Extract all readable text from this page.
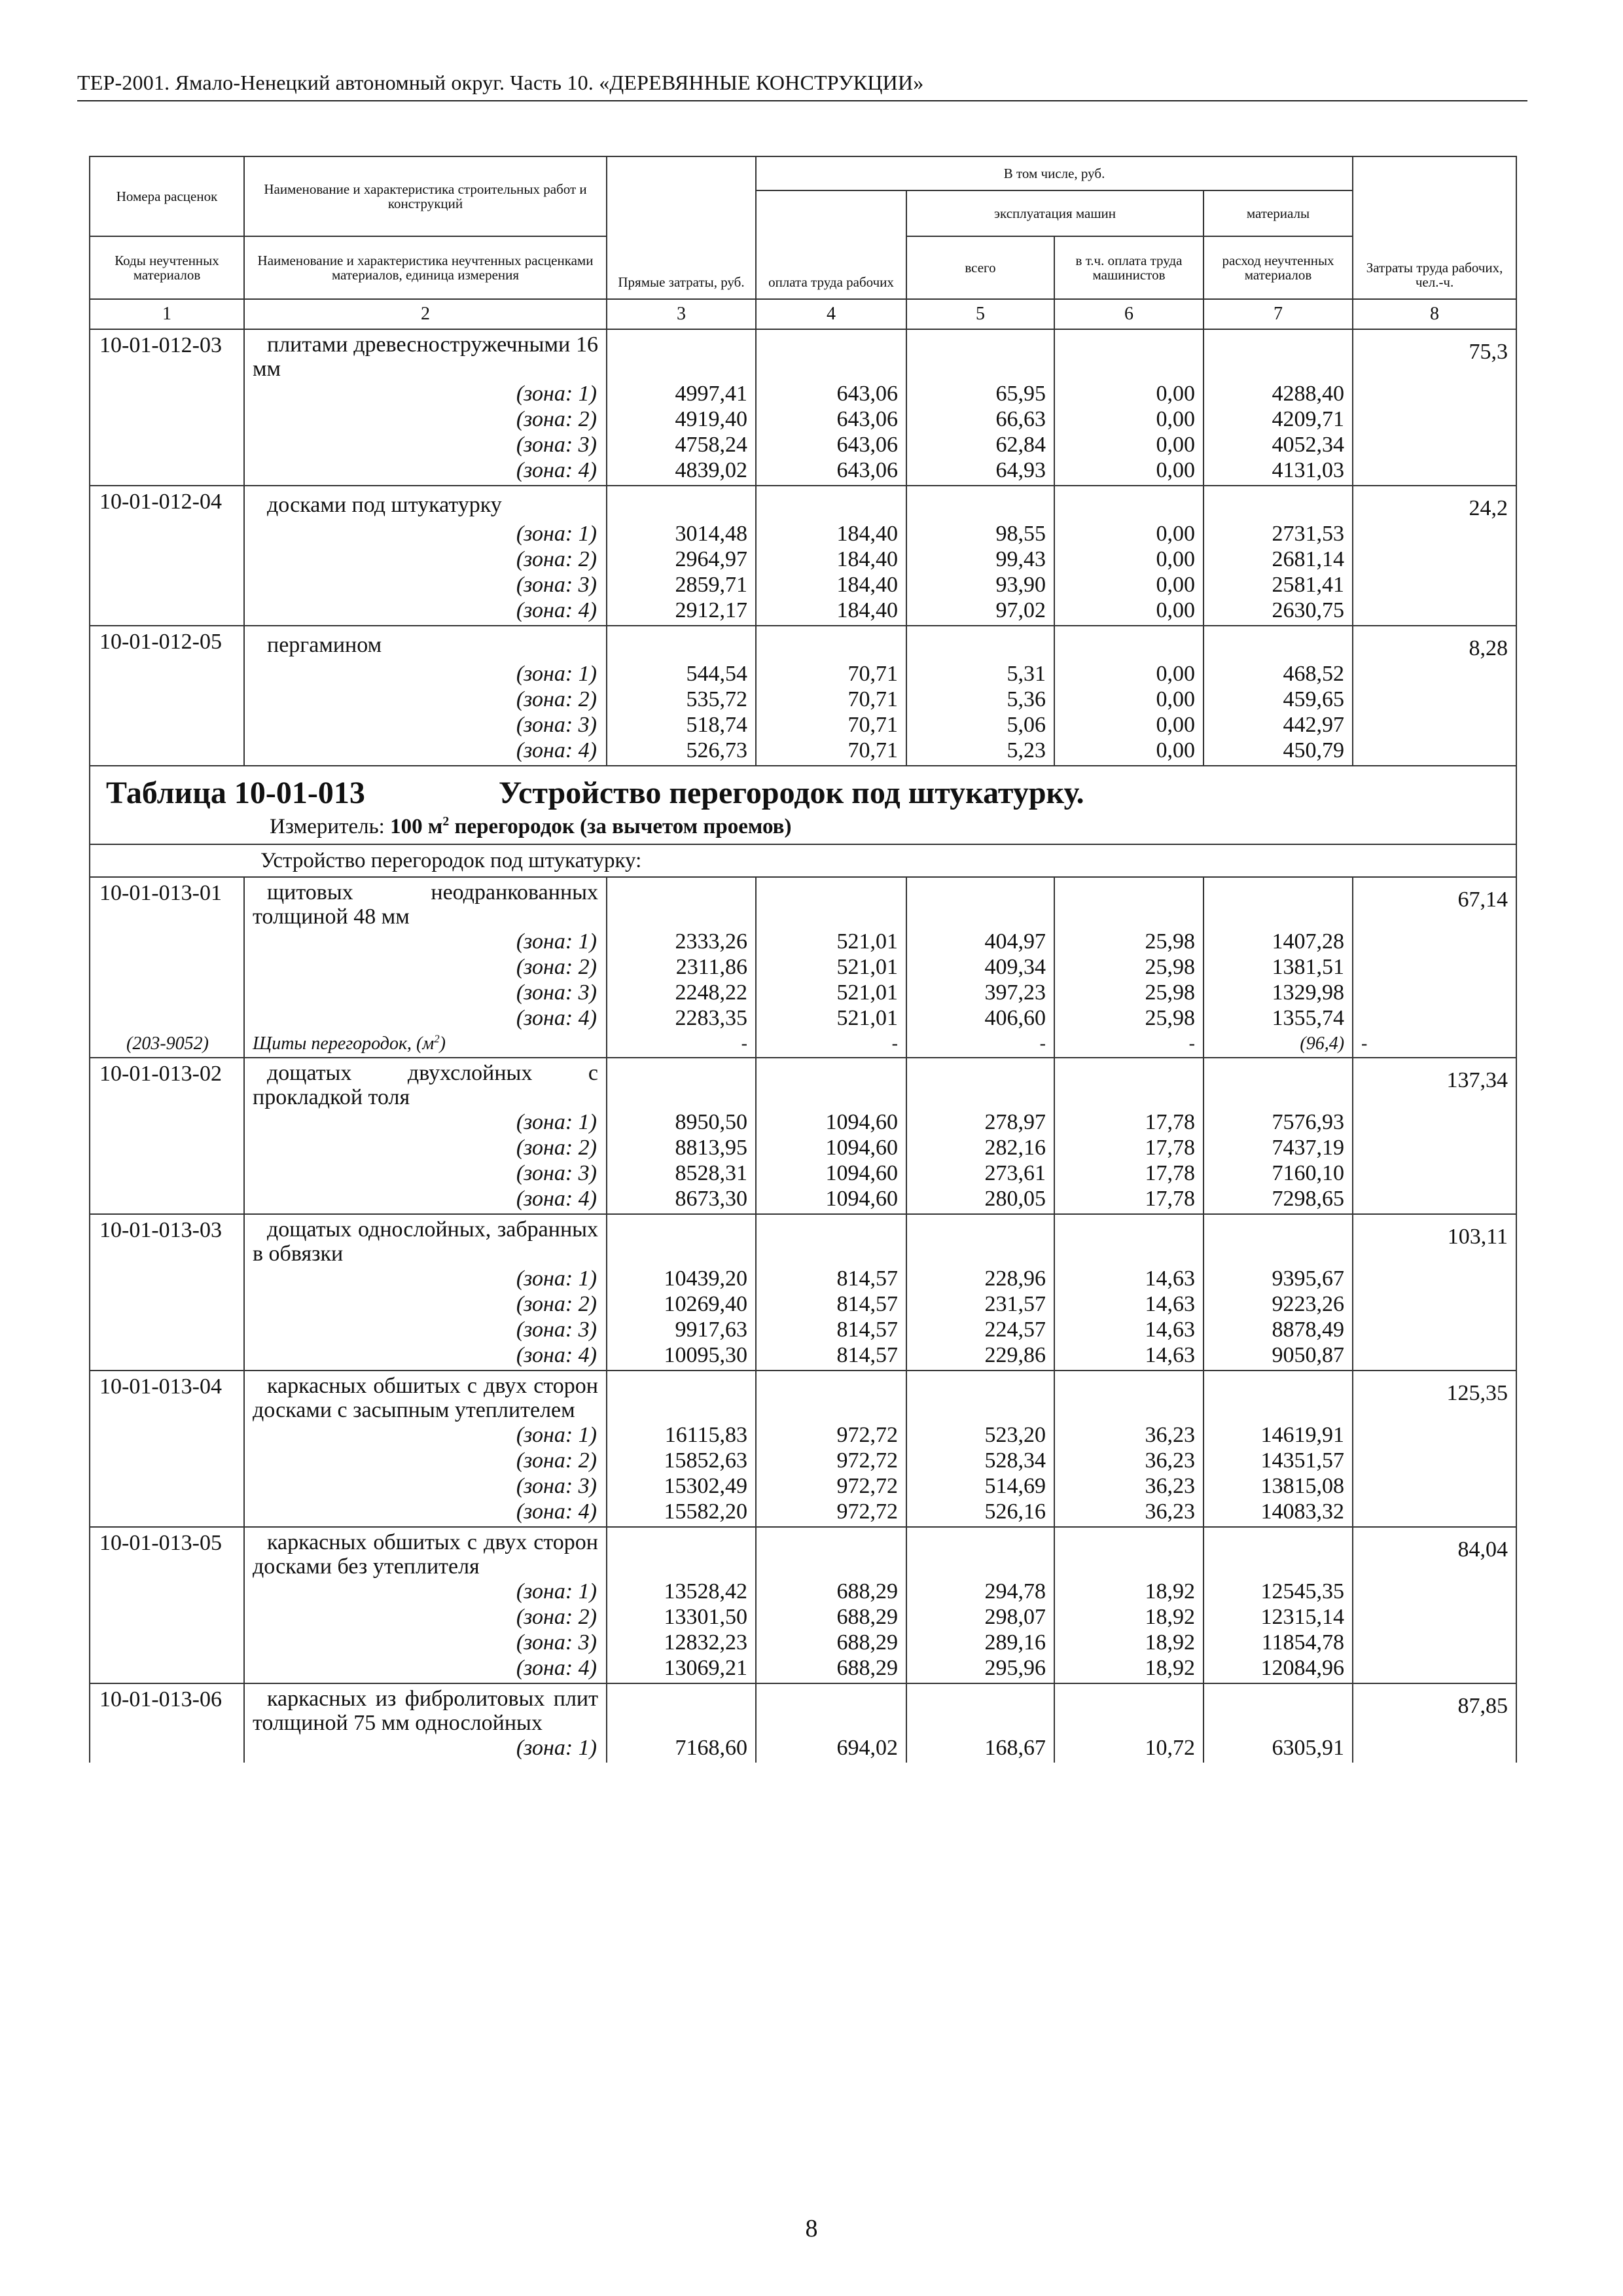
ТЕР-2001. Ямало-Ненецкий автономный округ. Часть 10. «ДЕРЕВЯННЫЕ КОНСТРУКЦИИ»
Номера расценок	Наименование и характеристика строительных работ и конструкций	Прямые затраты, руб.	В том числе, руб.				Затраты труда рабочих, чел.-ч.
			оплата труда рабочих	эксплуатация машин		материалы	
Коды неучтенных материалов	Наименование и характеристика неучтенных расценками материалов, единица измерения			всего	в т.ч. оплата труда машинистов	расход неучтенных материалов	

1	2	3	4	5	6	7	8
10-01-012-03	плитами древесностружечными 16 мм						75,3
	(зона: 1)	4997,41	643,06	65,95	0,00	4288,40	
	(зона: 2)	4919,40	643,06	66,63	0,00	4209,71	
	(зона: 3)	4758,24	643,06	62,84	0,00	4052,34	
	(зона: 4)	4839,02	643,06	64,93	0,00	4131,03	
10-01-012-04	досками под штукатурку						24,2
	(зона: 1)	3014,48	184,40	98,55	0,00	2731,53	
	(зона: 2)	2964,97	184,40	99,43	0,00	2681,14	
	(зона: 3)	2859,71	184,40	93,90	0,00	2581,41	
	(зона: 4)	2912,17	184,40	97,02	0,00	2630,75	
10-01-012-05	пергамином						8,28
	(зона: 1)	544,54	70,71	5,31	0,00	468,52	
	(зона: 2)	535,72	70,71	5,36	0,00	459,65	
	(зона: 3)	518,74	70,71	5,06	0,00	442,97	
	(зона: 4)	526,73	70,71	5,23	0,00	450,79	

Таблица 10-01-013 Устройство перегородок под штукатурку.
Измеритель: 100 $м^2$ перегородок (за вычетом проемов)							

Устройство перегородок под штукатурку:							
10-01-013-01	щитовых неодранкованных толщиной 48 мм						67,14
	(зона: 1)	2333,26	521,01	404,97	25,98	1407,28	
	(зона: 2)	2311,86	521,01	409,34	25,98	1381,51	
	(зона: 3)	2248,22	521,01	397,23	25,98	1329,98	
	(зона: 4)	2283,35	521,01	406,60	25,98	1355,74	
(203-9052)	Щиты перегородок, $(м^2)$	-	-	-	-	(96,4)	-
10-01-013-02	дощатых двухслойных с прокладкой толя						137,34
	(зона: 1)	8950,50	1094,60	278,97	17,78	7576,93	
	(зона: 2)	8813,95	1094,60	282,16	17,78	7437,19	
	(зона: 3)	8528,31	1094,60	273,61	17,78	7160,10	
	(зона: 4)	8673,30	1094,60	280,05	17,78	7298,65	
10-01-013-03	дощатых однослойных, забранных в обвязки						103,11
	(зона: 1)	10439,20	814,57	228,96	14,63	9395,67	
	(зона: 2)	10269,40	814,57	231,57	14,63	9223,26	
	(зона: 3)	9917,63	814,57	224,57	14,63	8878,49	
	(зона: 4)	10095,30	814,57	229,86	14,63	9050,87	
10-01-013-04	каркасных обшитых с двух сторон досками с засыпным утеплителем						125,35
	(зона: 1)	16115,83	972,72	523,20	36,23	14619,91	
	(зона: 2)	15852,63	972,72	528,34	36,23	14351,57	
	(зона: 3)	15302,49	972,72	514,69	36,23	13815,08	
	(зона: 4)	15582,20	972,72	526,16	36,23	14083,32	
10-01-013-05	каркасных обшитых с двух сторон досками без утеплителя						84,04
	(зона: 1)	13528,42	688,29	294,78	18,92	12545,35	
	(зона: 2)	13301,50	688,29	298,07	18,92	12315,14	
	(зона: 3)	12832,23	688,29	289,16	18,92	11854,78	
	(зона: 4)	13069,21	688,29	295,96	18,92	12084,96	
10-01-013-06	каркасных из фибролитовых плит толщиной 75 мм однослойных						87,85
	(зона: 1)	7168,60	694,02	168,67	10,72	6305,91	
8
